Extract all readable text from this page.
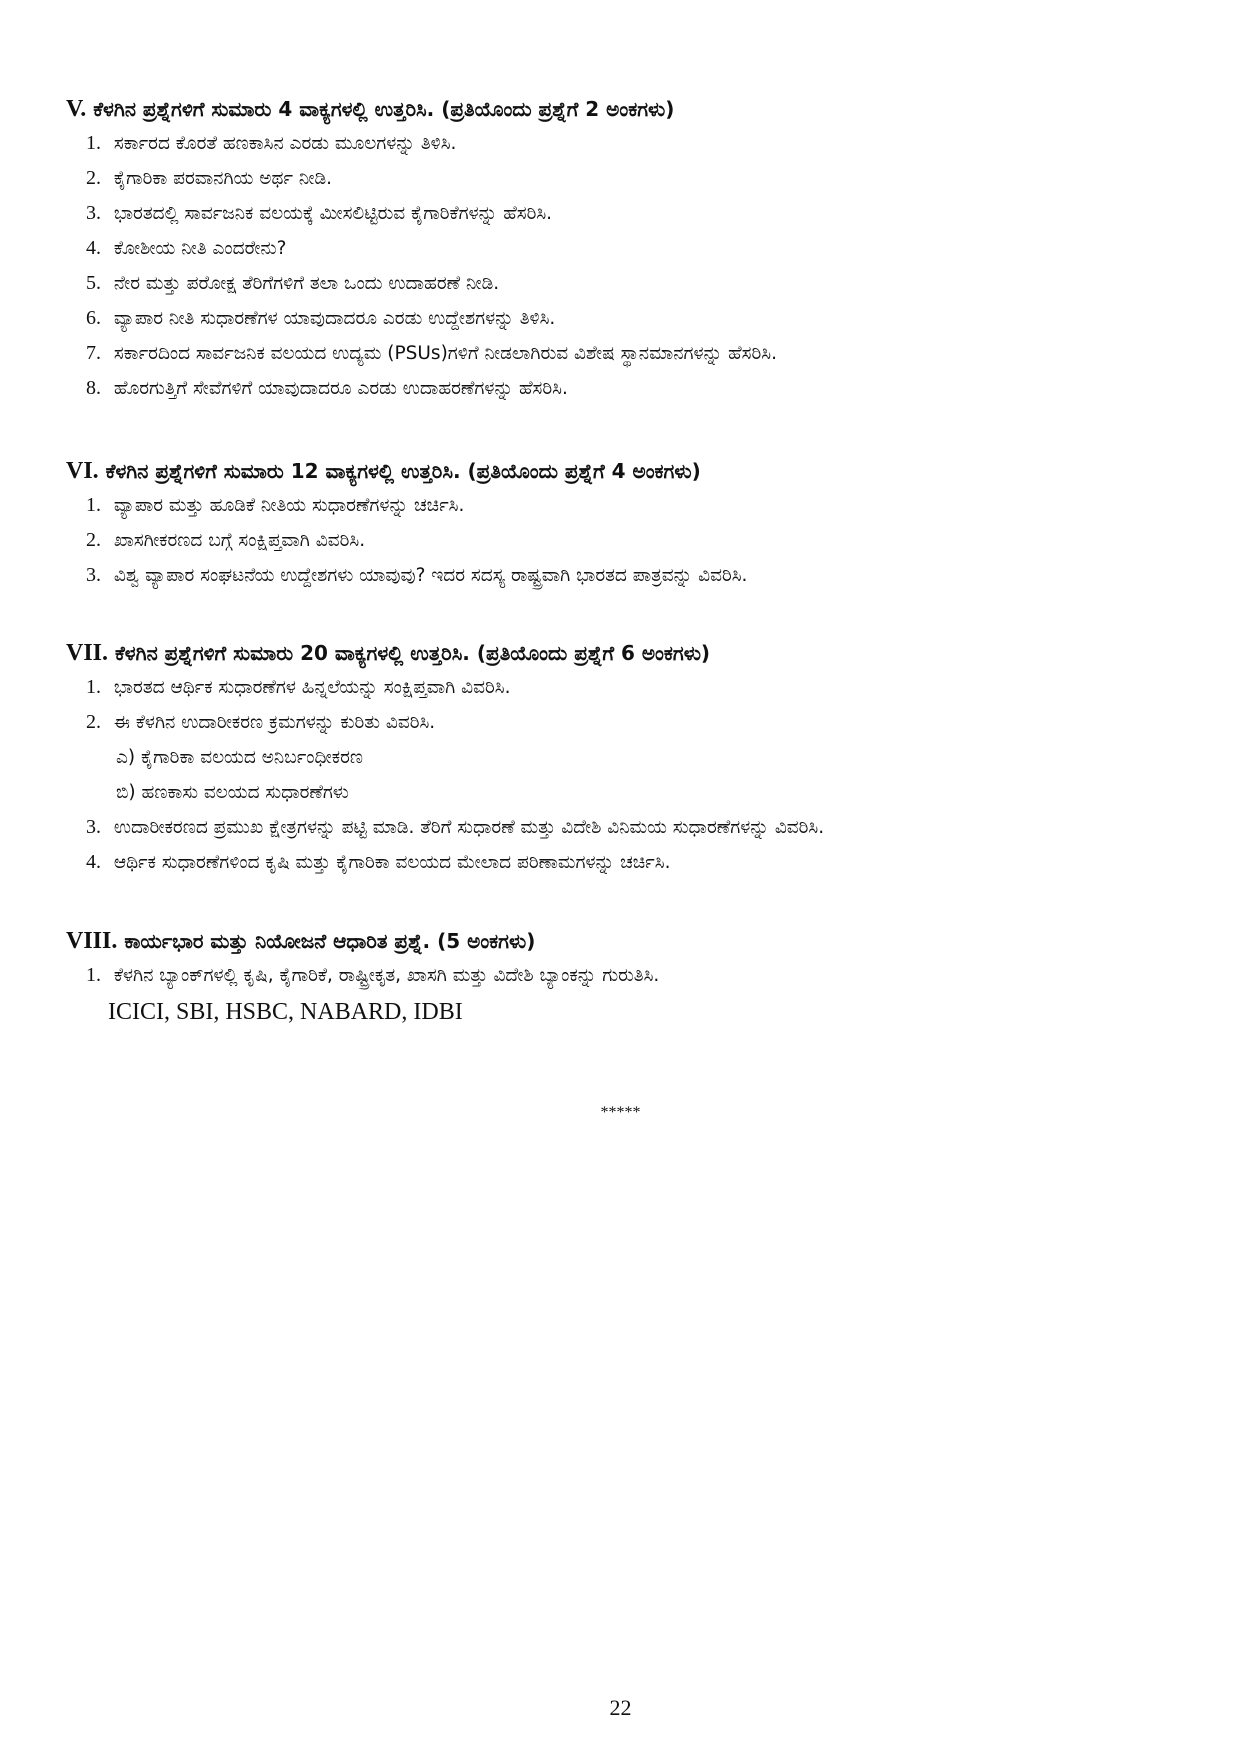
V. ಕೆಳಗಿನ ಪ್ರಶ್ನೆಗಳಿಗೆ ಸುಮಾರು 4 ವಾಕ್ಯಗಳಲ್ಲಿ ಉತ್ತರಿಸಿ. (ಪ್ರತಿಯೊಂದು ಪ್ರಶ್ನೆಗೆ 2 ಅಂಕಗಳು)
1. ಸರ್ಕಾರದ ಕೊರತೆ ಹಣಕಾಸಿನ ಎರಡು ಮೂಲಗಳನ್ನು ತಿಳಿಸಿ.
2. ಕೈಗಾರಿಕಾ ಪರವಾನಗಿಯ ಅರ್ಥ ನೀಡಿ.
3. ಭಾರತದಲ್ಲಿ ಸಾರ್ವಜನಿಕ ವಲಯಕ್ಕೆ ಮೀಸಲಿಟ್ಟಿರುವ ಕೈಗಾರಿಕೆಗಳನ್ನು ಹೆಸರಿಸಿ.
4. ಕೋಶೀಯ ನೀತಿ ಎಂದರೇನು?
5. ನೇರ ಮತ್ತು ಪರೋಕ್ಷ ತೆರಿಗೆಗಳಿಗೆ ತಲಾ ಒಂದು ಉದಾಹರಣೆ ನೀಡಿ.
6. ವ್ಯಾಪಾರ ನೀತಿ ಸುಧಾರಣೆಗಳ ಯಾವುದಾದರೂ ಎರಡು ಉದ್ದೇಶಗಳನ್ನು ತಿಳಿಸಿ.
7. ಸರ್ಕಾರದಿಂದ ಸಾರ್ವಜನಿಕ ವಲಯದ ಉದ್ಯಮ (PSUs)ಗಳಿಗೆ ನೀಡಲಾಗಿರುವ ವಿಶೇಷ ಸ್ಥಾನಮಾನಗಳನ್ನು ಹೆಸರಿಸಿ.
8. ಹೊರಗುತ್ತಿಗೆ ಸೇವೆಗಳಿಗೆ ಯಾವುದಾದರೂ ಎರಡು ಉದಾಹರಣೆಗಳನ್ನು ಹೆಸರಿಸಿ.
VI. ಕೆಳಗಿನ ಪ್ರಶ್ನೆಗಳಿಗೆ ಸುಮಾರು 12 ವಾಕ್ಯಗಳಲ್ಲಿ ಉತ್ತರಿಸಿ. (ಪ್ರತಿಯೊಂದು ಪ್ರಶ್ನೆಗೆ 4 ಅಂಕಗಳು)
1. ವ್ಯಾಪಾರ ಮತ್ತು ಹೂಡಿಕೆ ನೀತಿಯ ಸುಧಾರಣೆಗಳನ್ನು ಚರ್ಚಿಸಿ.
2. ಖಾಸಗೀಕರಣದ ಬಗ್ಗೆ ಸಂಕ್ಷಿಪ್ತವಾಗಿ ವಿವರಿಸಿ.
3. ವಿಶ್ವ ವ್ಯಾಪಾರ ಸಂಘಟನೆಯ ಉದ್ದೇಶಗಳು ಯಾವುವು? ಇದರ ಸದಸ್ಯ ರಾಷ್ಟ್ರವಾಗಿ ಭಾರತದ ಪಾತ್ರವನ್ನು ವಿವರಿಸಿ.
VII. ಕೆಳಗಿನ ಪ್ರಶ್ನೆಗಳಿಗೆ ಸುಮಾರು 20 ವಾಕ್ಯಗಳಲ್ಲಿ ಉತ್ತರಿಸಿ. (ಪ್ರತಿಯೊಂದು ಪ್ರಶ್ನೆಗೆ 6 ಅಂಕಗಳು)
1. ಭಾರತದ ಆರ್ಥಿಕ ಸುಧಾರಣೆಗಳ ಹಿನ್ನಲೆಯನ್ನು ಸಂಕ್ಷಿಪ್ತವಾಗಿ ವಿವರಿಸಿ.
2. ಈ ಕೆಳಗಿನ ಉದಾರೀಕರಣ ಕ್ರಮಗಳನ್ನು ಕುರಿತು ವಿವರಿಸಿ.
ಎ) ಕೈಗಾರಿಕಾ ವಲಯದ ಅನಿರ್ಬಂಧೀಕರಣ
ಬಿ) ಹಣಕಾಸು ವಲಯದ ಸುಧಾರಣೆಗಳು
3. ಉದಾರೀಕರಣದ ಪ್ರಮುಖ ಕ್ಷೇತ್ರಗಳನ್ನು ಪಟ್ಟಿ ಮಾಡಿ. ತೆರಿಗೆ ಸುಧಾರಣೆ ಮತ್ತು ವಿದೇಶಿ ವಿನಿಮಯ ಸುಧಾರಣೆಗಳನ್ನು ವಿವರಿಸಿ.
4. ಆರ್ಥಿಕ ಸುಧಾರಣೆಗಳಿಂದ ಕೃಷಿ ಮತ್ತು ಕೈಗಾರಿಕಾ ವಲಯದ ಮೇಲಾದ ಪರಿಣಾಮಗಳನ್ನು ಚರ್ಚಿಸಿ.
VIII. ಕಾರ್ಯಭಾರ ಮತ್ತು ನಿಯೋಜನೆ ಆಧಾರಿತ ಪ್ರಶ್ನೆ. (5 ಅಂಕಗಳು)
1. ಕೆಳಗಿನ ಬ್ಯಾಂಕ್‌ಗಳಲ್ಲಿ ಕೃಷಿ, ಕೈಗಾರಿಕೆ, ರಾಷ್ಟ್ರೀಕೃತ, ಖಾಸಗಿ ಮತ್ತು ವಿದೇಶಿ ಬ್ಯಾಂಕನ್ನು ಗುರುತಿಸಿ.
ICICI, SBI, HSBC, NABARD, IDBI
*****
22
